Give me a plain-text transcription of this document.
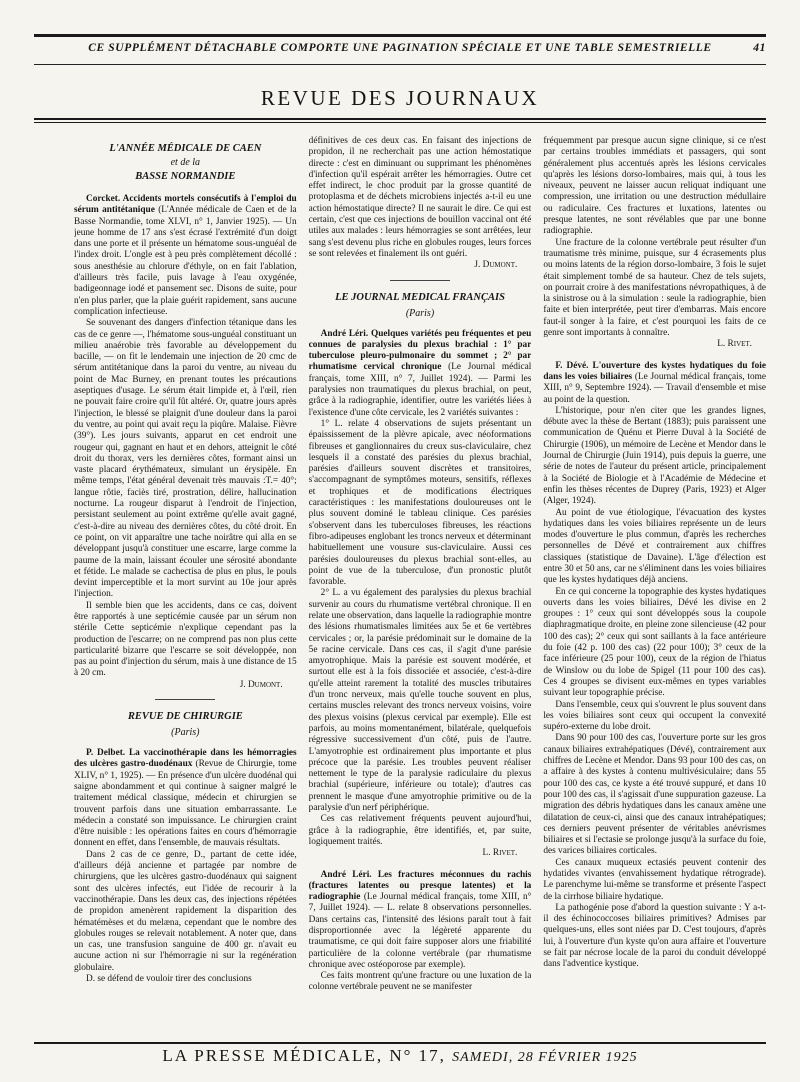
CE SUPPLÉMENT DÉTACHABLE COMPORTE UNE PAGINATION SPÉCIALE ET UNE TABLE SEMESTRIELLE	41
REVUE DES JOURNAUX
L'ANNÉE MÉDICALE DE CAEN
et de la
BASSE NORMANDIE

Corcket. Accidents mortels consécutifs à l'emploi du sérum antitétanique (L'Année médicale de Caen et de la Basse Normandie, tome XLVI, n° 1, Janvier 1925). — Un jeune homme de 17 ans s'est écrasé l'extrémité d'un doigt dans une porte et il présente un hématome sous-unguéal de l'index droit. L'ongle est à peu près complètement décollé : sous anesthésie au chlorure d'éthyle, on en fait l'ablation, d'ailleurs très facile, puis lavage à l'eau oxygénée, badigeonnage iodé et pansement sec. Disons de suite, pour n'en plus parler, que la plaie guérit rapidement, sans aucune complication infectieuse.

Se souvenant des dangers d'infection tétanique dans les cas de ce genre —, l'hématome sous-unguéal constituant un milieu anaérobie très favorable au développement du bacille, — on fit le lendemain une injection de 20 cmc de sérum antitétanique dans la paroi du ventre, au niveau du point de Mac Burney, en prenant toutes les précautions aseptiques d'usage. Le sérum était limpide et, à l'œil, rien ne pouvait faire croire qu'il fût altéré. Or, quatre jours après l'injection, le blessé se plaignit d'une douleur dans la paroi du ventre, au point qui avait reçu la piqûre. Malaise. Fièvre (39°). Les jours suivants, apparut en cet endroit une rougeur qui, gagnant en haut et en dehors, atteignit le côté droit du thorax, vers les dernières côtes, formant ainsi un vaste placard érythémateux, simulant un érysipèle. En même temps, l'état général devenait très mauvais :T.= 40°; langue rôtie, faciès tiré, prostration, délire, hallucination nocturne. La rougeur disparut à l'endroit de l'injection, persistant seulement au point extrême qu'elle avait gagné, c'est-à-dire au niveau des dernières côtes, du côté droit. En ce point, on vit apparaître une tache noirâtre qui alla en se développant jusqu'à constituer une escarre, large comme la paume de la main, laissant écouler une sérosité abondante et fétide. Le malade se cachectisa de plus en plus, le pouls devint imperceptible et la mort survint au 10e jour après l'injection.

Il semble bien que les accidents, dans ce cas, doivent être rapportés à une septicémie causée par un sérum non stérile Cette septicémie n'explique cependant pas la production de l'escarre; on ne comprend pas non plus cette particularité bizarre que l'escarre se soit développée, non pas au point d'injection du sérum, mais à une distance de 15 à 20 cm.

J. Dumont.

REVUE DE CHIRURGIE
(Paris)

P. Delbet. La vaccinothérapie dans les hémorragies des ulcères gastro-duodénaux (Revue de Chirurgie, tome XLIV, n° 1, 1925). — En présence d'un ulcère duodénal qui saigne abondamment et qui continue à saigner malgré le traitement médical classique, médecin et chirurgien se trouvent parfois dans une situation embarrassante. Le médecin a constaté son impuissance. Le chirurgien craint d'être nuisible : les opérations faites en cours d'hémorragie donnent en effet, dans l'ensemble, de mauvais résultats.

Dans 2 cas de ce genre, D., partant de cette idée, d'ailleurs déjà ancienne et partagée par nombre de chirurgiens, que les ulcères gastro-duodénaux qui saignent sont des ulcères infectés, eut l'idée de recourir à la vaccinothérapie. Dans les deux cas, des injections répétées de propidon amenèrent rapidement la disparition des hématémèses et du melæna, cependant que le nombre des globules rouges se relevait notablement. A noter que, dans un cas, une transfusion sanguine de 400 gr. n'avait eu aucune action ni sur l'hémorragie ni sur la regénération globulaire.

D. se défend de vouloir tirer des conclusions

définitives de ces deux cas. En faisant des injections de propidon, il ne recherchait pas une action hémostatique directe : c'est en diminuant ou supprimant les phénomènes d'infection qu'il espérait arrêter les hémorragies. Outre cet effet indirect, le choc produit par la grosse quantité de protoplasma et de déchets microbiens injectés a-t-il eu une action hémostatique directe? Il ne saurait le dire. Ce qui est certain, c'est que ces injections de bouillon vaccinal ont été utiles aux malades : leurs hémorragies se sont arrêtées, leur sang s'est devenu plus riche en globules rouges, leurs forces se sont relevées et finalement ils ont guéri.

J. Dumont.

LE JOURNAL MEDICAL FRANÇAIS
(Paris)

André Léri. Quelques variétés peu fréquentes et peu connues de paralysies du plexus brachial : 1° par tuberculose pleuro-pulmonaire du sommet ; 2° par rhumatisme cervical chronique (Le Journal médical français, tome XIII, n° 7, Juillet 1924). — Parmi les paralysies non traumatiques du plexus brachial, on peut, grâce à la radiographie, identifier, outre les variétés liées à l'existence d'une côte cervicale, les 2 variétés suivantes :

1° L. relate 4 observations de sujets présentant un épaississement de la plèvre apicale, avec néoformations fibreuses et ganglionnaires du creux sus-claviculaire, chez lesquels il a constaté des parésies du plexus brachial, parésies d'ailleurs souvent discrètes et transitoires, s'accompagnant de symptômes moteurs, sensitifs, réflexes et trophiques et de modifications électriques caractéristiques : les manifestations douloureuses ont le plus souvent dominé le tableau clinique. Ces parésies s'observent dans les tuberculoses fibreuses, les réactions fibro-adipeuses englobant les troncs nerveux et déterminant habituellement une vousure sus-claviculaire. Aussi ces parésies douloureuses du plexus brachial sont-elles, au point de vue de la tuberculose, d'un pronostic plutôt favorable.

2° L. a vu également des paralysies du plexus brachial survenir au cours du rhumatisme vertébral chronique. Il en relate une observation, dans laquelle la radiographie montre des lésions rhumatismales limitées aux 5e et 6e vertèbres cervicales ; or, la parésie prédominait sur le domaine de la 5e racine cervicale. Dans ces cas, il s'agit d'une parésie amyotrophique. Mais la parésie est souvent modérée, et surtout elle est à la fois dissociée et associée, c'est-à-dire qu'elle atteint rarement la totalité des muscles tributaires d'un tronc nerveux, mais qu'elle touche souvent en plus, certains muscles relevant des troncs nerveux voisins, voire des plexus voisins (plexus cervical par exemple). Elle est parfois, au moins momentanément, bilatérale, quelquefois régressive successivement d'un côté, puis de l'autre. L'amyotrophie est ordinairement plus importante et plus précoce que la parésie. Les troubles peuvent réaliser nettement le type de la paralysie radiculaire du plexus brachial (supérieure, inférieure ou totale); d'autres cas prennent le masque d'une amyotrophie primitive ou de la paralysie d'un nerf périphérique.

Ces cas relativement fréquents peuvent aujourd'hui, grâce à la radiographie, être identifiés, et, par suite, logiquement traités.

L. Rivet.

André Léri. Les fractures méconnues du rachis (fractures latentes ou presque latentes) et la radiographie (Le Journal médical français, tome XIII, n° 7, Juillet 1924). — L. relate 8 observations personnelles. Dans certains cas, l'intensité des lésions paraît tout à fait disproportionnée avec la légèreté apparente du traumatisme, ce qui doit faire supposer alors une friabilité particulière de la colonne vertébrale (par rhumatisme chronique avec ostéoporose par exemple).

Ces faits montrent qu'une fracture ou une luxation de la colonne vertébrale peuvent ne se manifester

fréquemment par presque aucun signe clinique, si ce n'est par certains troubles immédiats et passagers, qui sont généralement plus accentués après les lésions cervicales qu'après les lésions dorso-lombaires, mais qui, à tous les niveaux, peuvent ne laisser aucun reliquat indiquant une compression, une irritation ou une destruction médullaire ou radiculaire. Ces fractures et luxations, latentes ou presque latentes, ne sont révélables que par une bonne radiographie.

Une fracture de la colonne vertébrale peut résulter d'un traumatisme très minime, puisque, sur 4 écrasements plus ou moins latents de la région dorso-lombaire, 3 fois le sujet était simplement tombé de sa hauteur. Chez de tels sujets, on pourrait croire à des manifestations névropathiques, à de la sinistrose ou à la simulation : seule la radiographie, bien faite et bien interprétée, peut tirer d'embarras. Mais encore faut-il songer à la faire, et c'est pourquoi les faits de ce genre sont importants à connaître.

L. Rivet.

F. Dévé. L'ouverture des kystes hydatiques du foie dans les voies biliaires (Le Journal médical français, tome XIII, n° 9, Septembre 1924). — Travail d'ensemble et mise au point de la question.

L'historique, pour n'en citer que les grandes lignes, débute avec la thèse de Bertant (1883); puis paraissent une communication de Quénu et Pierre Duval à la Société de Chirurgie (1906), un mémoire de Lecène et Mendor dans le Journal de Chirurgie (Juin 1914), puis depuis la guerre, une série de notes de l'auteur du présent article, principalement à la Société de Biologie et à l'Académie de Médecine et enfin les thèses récentes de Duprey (Paris, 1923) et Alger (Alger, 1924).

Au point de vue étiologique, l'évacuation des kystes hydatiques dans les voies biliaires représente un de leurs modes d'ouverture le plus commun, d'après les recherches personnelles de Dévé et contrairement aux chiffres classiques (statistique de Davaine). L'âge d'élection est entre 30 et 50 ans, car ne s'éliminent dans les voies biliaires que les kystes hydatiques déjà anciens.

En ce qui concerne la topographie des kystes hydatiques ouverts dans les voies biliaires, Dévé les divise en 2 groupes : 1° ceux qui sont développés sous la coupole diaphragmatique droite, en pleine zone silencieuse (42 pour 100 des cas); 2° ceux qui sont saillants à la face antérieure du foie (42 p. 100 des cas) (22 pour 100); 3° ceux de la face inférieure (25 pour 100), ceux de la région de l'hiatus de Winslow ou du lobe de Spigel (11 pour 100 des cas). Ces 4 groupes se divisent eux-mêmes en types variables suivant leur topographie précise.

Dans l'ensemble, ceux qui s'ouvrent le plus souvent dans les voies biliaires sont ceux qui occupent la convexité supéro-externe du lobe droit.

Dans 90 pour 100 des cas, l'ouverture porte sur les gros canaux biliaires extrahépatiques (Dévé), contrairement aux chiffres de Lecène et Mendor. Dans 93 pour 100 des cas, on a affaire à des kystes à contenu multivésiculaire; dans 55 pour 100 des cas, ce kyste a été trouvé suppuré, et dans 10 pour 100 des cas, il s'agissait d'une suppuration gazeuse. La migration des débris hydatiques dans les canaux amène une dilatation de ceux-ci, ainsi que des canaux intrahépatiques; ces derniers peuvent présenter de véritables anévrismes biliaires et si l'ectasie se prolonge jusqu'à la surface du foie, des varices biliaires corticales.

Ces canaux muqueux ectasiés peuvent contenir des hydatides vivantes (envahissement hydatique rétrograde). Le parenchyme lui-même se transforme et présente l'aspect de la cirrhose biliaire hydatique.

La pathogénie pose d'abord la question suivante : Y a-t-il des échinococcoses biliaires primitives? Admises par quelques-uns, elles sont niées par D. C'est toujours, d'après lui, à l'ouverture d'un kyste qu'on aura affaire et l'ouverture se fait par nécrose locale de la paroi du conduit développé dans l'adventice kystique.

LA PRESSE MÉDICALE, N° 17, SAMEDI, 28 FÉVRIER 1925
